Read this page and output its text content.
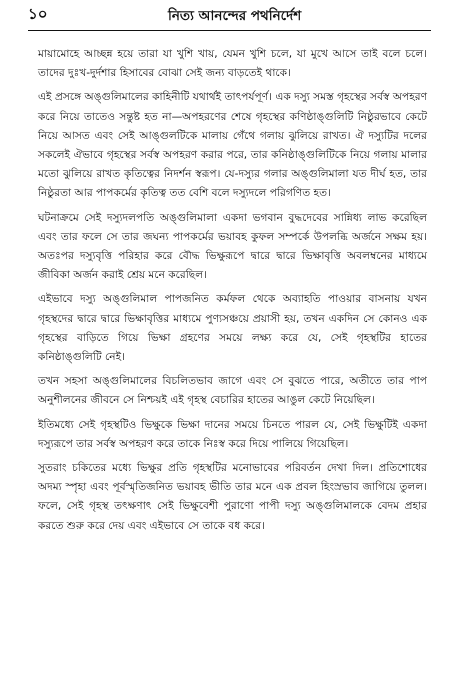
১০	নিত্য আনন্দের পথনির্দেশ

মায়ামোহে আচ্ছন্ন হয়ে তারা যা খুশি খায়, যেমন খুশি চলে, যা মুখে আসে তাই বলে চলে। তাদের দুঃখ-দুর্দশার হিসাবের বোঝা সেই জন্য বাড়তেই থাকে।

এই প্রসঙ্গে অঙ্গুলিমালের কাহিনীটি যথার্থই তাৎপর্যপূর্ণ। এক দস্যু সমস্ত গৃহস্থের সর্বস্ব অপহরণ করে নিয়ে তাতেও সন্তুষ্ট হত না—অপহরণের শেষে গৃহস্থের কণিষ্ঠাঙ্গুলিটি নিষ্ঠুরভাবে কেটে নিয়ে আসত এবং সেই আঙ্গুলটিকে মালায় গেঁথে গলায় ঝুলিয়ে রাখত। ঐ দস্যুটির দলের সকলেই ঐভাবে গৃহস্থের সর্বস্ব অপহরণ করার পরে, তার কনিষ্ঠাঙ্গুলিটিকে নিয়ে গলায় মালার মতো ঝুলিয়ে রাখত কৃতিত্বের নিদর্শন স্বরূপ। যে-দস্যুর গলার অঙ্গুলিমালা যত দীর্ঘ হত, তার নিষ্ঠুরতা আর পাপকর্মের কৃতিত্ব তত বেশি বলে দস্যুদলে পরিগণিত হত।

ঘটনাক্রমে সেই দস্যুদলপতি অঙ্গুলিমালা একদা ভগবান বুদ্ধদেবের সান্নিধ্য লাভ করেছিল এবং তার ফলে সে তার জঘন্য পাপকর্মের ভয়াবহ কুফল সম্পর্কে উপলব্ধি অর্জনে সক্ষম হয়। অতঃপর দস্যুবৃত্তি পরিহার করে বৌদ্ধ ভিক্ষুরূপে দ্বারে দ্বারে ভিক্ষাবৃত্তি অবলম্বনের মাধ্যমে জীবিকা অর্জন করাই শ্রেয় মনে করেছিল।

এইভাবে দস্যু অঙ্গুলিমাল পাপজনিত কর্মফল থেকে অব্যাহতি পাওয়ার বাসনায় যখন গৃহস্থদের দ্বারে দ্বারে ভিক্ষাবৃত্তির মাধ্যমে পুণ্যসঞ্চয়ে প্রয়াসী হয়, তখন একদিন সে কোনও এক গৃহস্থের বাড়িতে গিয়ে ভিক্ষা গ্রহণের সময়ে লক্ষ্য করে যে, সেই গৃহস্থটির হাতের কনিষ্ঠাঙ্গুলিটি নেই।

তখন সহসা অঙ্গুলিমালের বিচলিতভাব জাগে এবং সে বুঝতে পারে, অতীতে তার পাপ অনুশীলনের জীবনে সে নিশ্চয়ই এই গৃহস্থ বেচারির হাতের আঙুল কেটে নিয়েছিল।

ইতিমধ্যে সেই গৃহস্থটিও ভিক্ষুকে ভিক্ষা দানের সময়ে চিনতে পারল যে, সেই ভিক্ষুটিই একদা দস্যুরূপে তার সর্বস্ব অপহরণ করে তাকে নিঃস্ব করে দিয়ে পালিয়ে গিয়েছিল।

সুতরাং চকিতের মধ্যে ভিক্ষুর প্রতি গৃহস্থটির মনোভাবের পরিবর্তন দেখা দিল। প্রতিশোধের অদম্য স্পৃহা এবং পূর্বস্মৃতিজনিত ভয়াবহ ভীতি তার মনে এক প্রবল হিংস্রভাব জাগিয়ে তুলল। ফলে, সেই গৃহস্থ তৎক্ষণাৎ সেই ভিক্ষুবেশী পুরাণো পাপী দস্যু অঙ্গুলিমালকে বেদম প্রহার করতে শুরু করে দেয় এবং এইভাবে সে তাকে বধ করে।
